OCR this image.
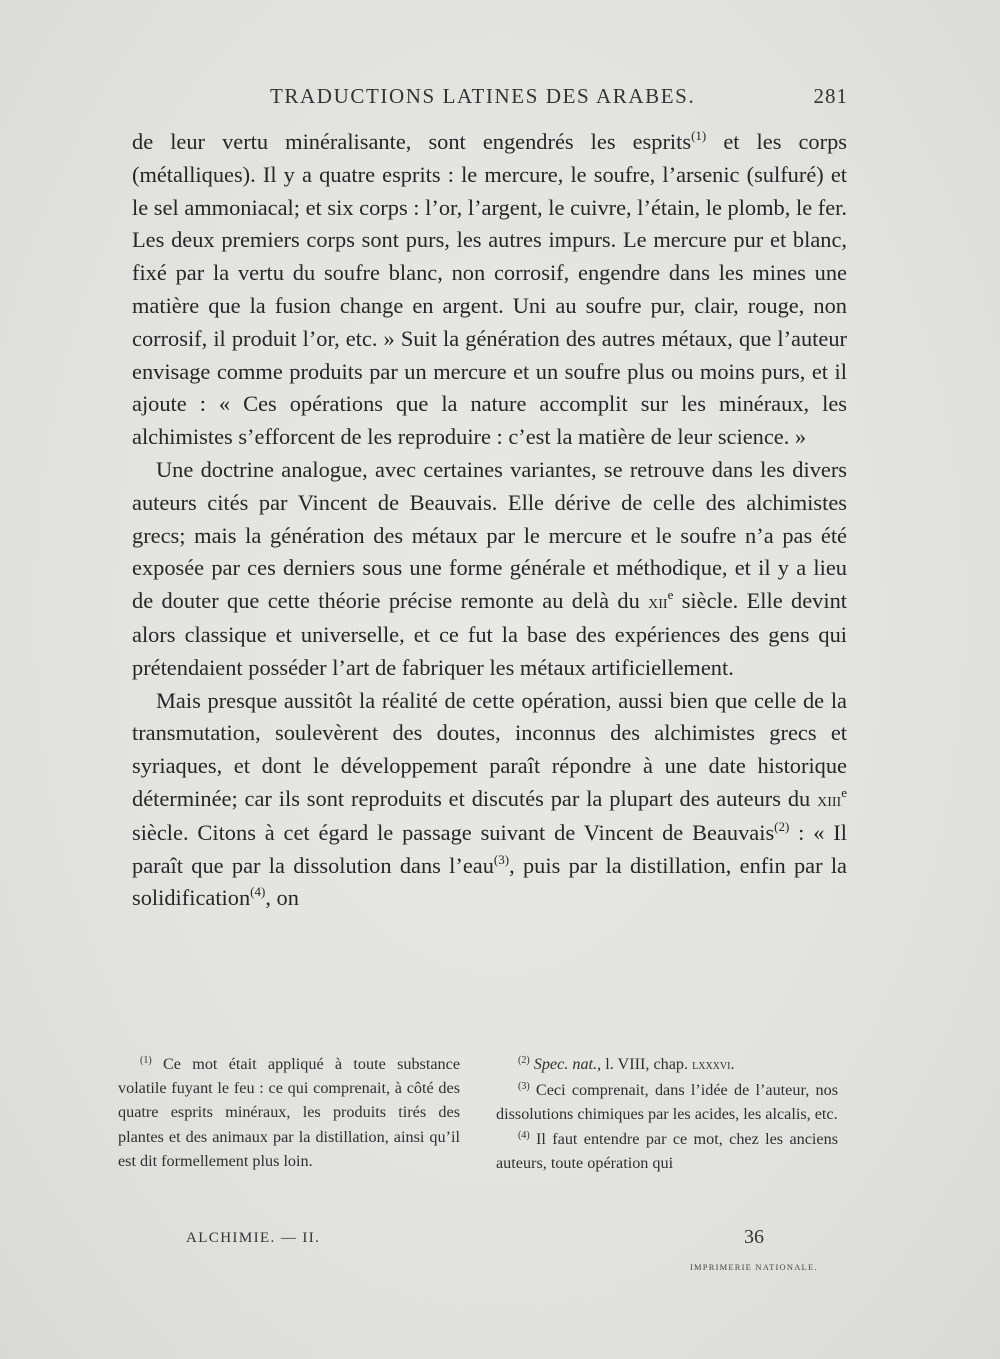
TRADUCTIONS LATINES DES ARABES.	281

de leur vertu minéralisante, sont engendrés les esprits$^{(1)}$ et les corps (métalliques). Il y a quatre esprits : le mercure, le soufre, l’arsenic (sulfuré) et le sel ammoniacal; et six corps : l’or, l’argent, le cuivre, l’étain, le plomb, le fer. Les deux premiers corps sont purs, les autres impurs. Le mercure pur et blanc, fixé par la vertu du soufre blanc, non corrosif, engendre dans les mines une matière que la fusion change en argent. Uni au soufre pur, clair, rouge, non corrosif, il produit l’or, etc. » Suit la génération des autres métaux, que l’auteur envisage comme produits par un mercure et un soufre plus ou moins purs, et il ajoute : « Ces opérations que la nature accomplit sur les minéraux, les alchimistes s’efforcent de les reproduire : c’est la matière de leur science. »

Une doctrine analogue, avec certaines variantes, se retrouve dans les divers auteurs cités par Vincent de Beauvais. Elle dérive de celle des alchimistes grecs; mais la génération des métaux par le mercure et le soufre n’a pas été exposée par ces derniers sous une forme générale et méthodique, et il y a lieu de douter que cette théorie précise remonte au delà du xii$^e$ siècle. Elle devint alors classique et universelle, et ce fut la base des expériences des gens qui prétendaient posséder l’art de fabriquer les métaux artificiellement.

Mais presque aussitôt la réalité de cette opération, aussi bien que celle de la transmutation, soulevèrent des doutes, inconnus des alchimistes grecs et syriaques, et dont le développement paraît répondre à une date historique déterminée; car ils sont reproduits et discutés par la plupart des auteurs du xiii$^e$ siècle. Citons à cet égard le passage suivant de Vincent de Beauvais$^{(2)}$ : « Il paraît que par la dissolution dans l’eau$^{(3)}$, puis par la distillation, enfin par la solidification$^{(4)}$, on

$^{(1)}$ Ce mot était appliqué à toute substance volatile fuyant le feu : ce qui comprenait, à côté des quatre esprits minéraux, les produits tirés des plantes et des animaux par la distillation, ainsi qu’il est dit formellement plus loin.

$^{(2)}$ Spec. nat., l. VIII, chap. lxxxvi.

$^{(3)}$ Ceci comprenait, dans l’idée de l’auteur, nos dissolutions chimiques par les acides, les alcalis, etc.

$^{(4)}$ Il faut entendre par ce mot, chez les anciens auteurs, toute opération qui

ALCHIMIE. — II.	36
IMPRIMERIE NATIONALE.
